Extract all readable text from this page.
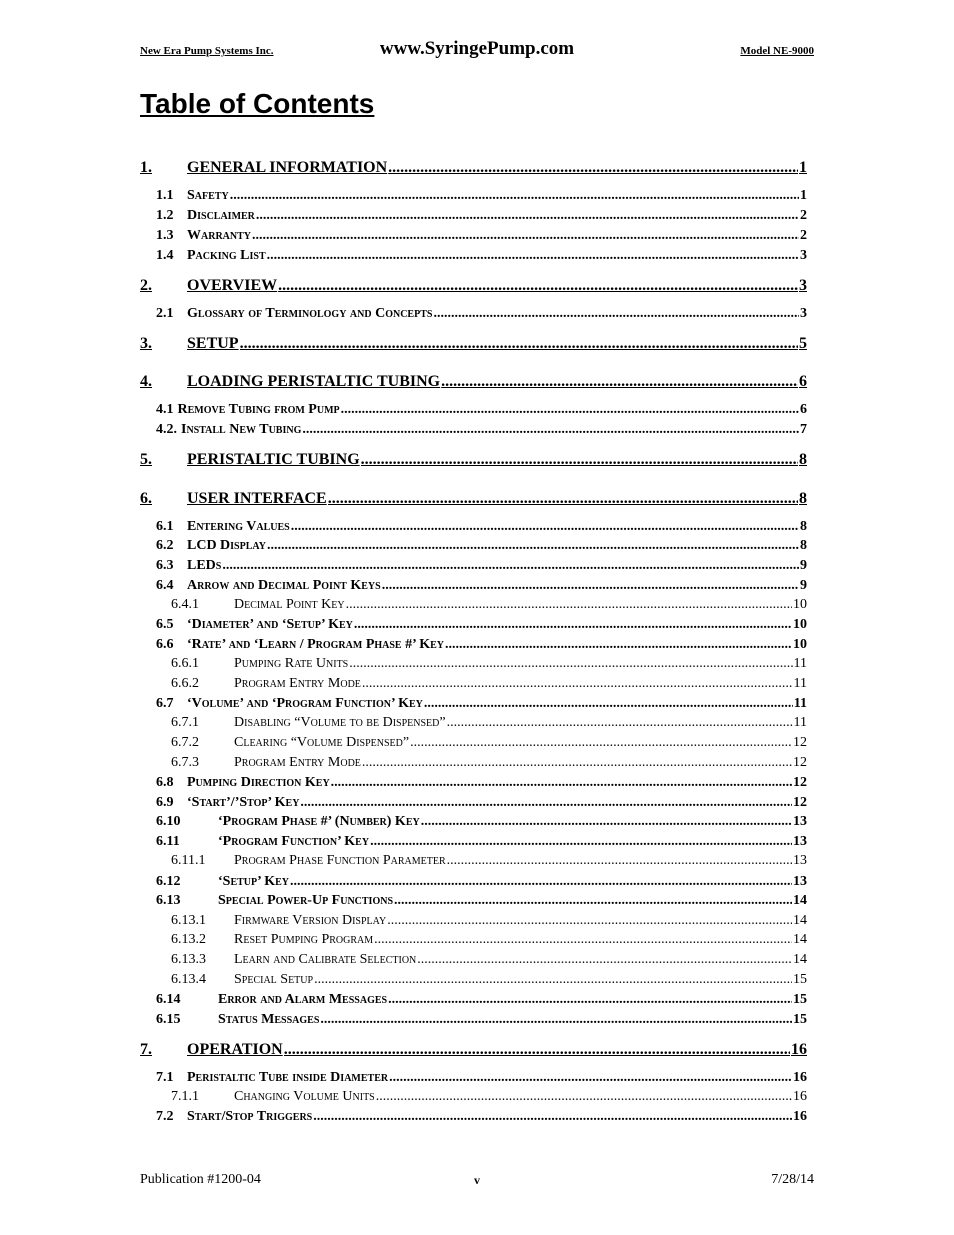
New Era Pump Systems Inc.	www.SyringePump.com	Model NE-9000
Table of Contents
1.	GENERAL INFORMATION .....	1
1.1 Safety .....	1
1.2 Disclaimer .....	2
1.3 Warranty .....	2
1.4 Packing List .....	3
2.	OVERVIEW .....	3
2.1 Glossary of Terminology and Concepts .....	3
3.	SETUP .....	5
4.	LOADING PERISTALTIC TUBING .....	6
4.1 Remove Tubing from Pump .....	6
4.2. Install New Tubing .....	7
5.	PERISTALTIC TUBING .....	8
6.	USER INTERFACE .....	8
6.1 Entering Values .....	8
6.2 LCD Display .....	8
6.3 LEDs .....	9
6.4 Arrow and Decimal Point Keys .....	9
6.4.1	Decimal Point Key .....	10
6.5 ‘Diameter’ and ‘Setup’ Key .....	10
6.6 ‘Rate’ and ‘Learn / Program Phase #’ Key .....	10
6.6.1	Pumping Rate Units .....	11
6.6.2	Program Entry Mode .....	11
6.7 ‘Volume’ and ‘Program Function’ Key .....	11
6.7.1	Disabling “Volume to be Dispensed” .....	11
6.7.2	Clearing “Volume Dispensed” .....	12
6.7.3	Program Entry Mode .....	12
6.8 Pumping Direction Key .....	12
6.9 ‘Start’/’Stop’ Key .....	12
6.10	‘Program Phase #’ (Number) Key .....	13
6.11	‘Program Function’ Key .....	13
6.11.1	Program Phase Function Parameter .....	13
6.12	‘Setup’ Key .....	13
6.13	Special Power-Up Functions .....	14
6.13.1	Firmware Version Display .....	14
6.13.2	Reset Pumping Program .....	14
6.13.3	Learn and Calibrate Selection .....	14
6.13.4	Special Setup .....	15
6.14	Error and Alarm Messages .....	15
6.15	Status Messages .....	15
7.	OPERATION .....	16
7.1 Peristaltic Tube inside Diameter .....	16
7.1.1	Changing Volume Units .....	16
7.2 Start/Stop Triggers .....	16
Publication #1200-04	v	7/28/14
